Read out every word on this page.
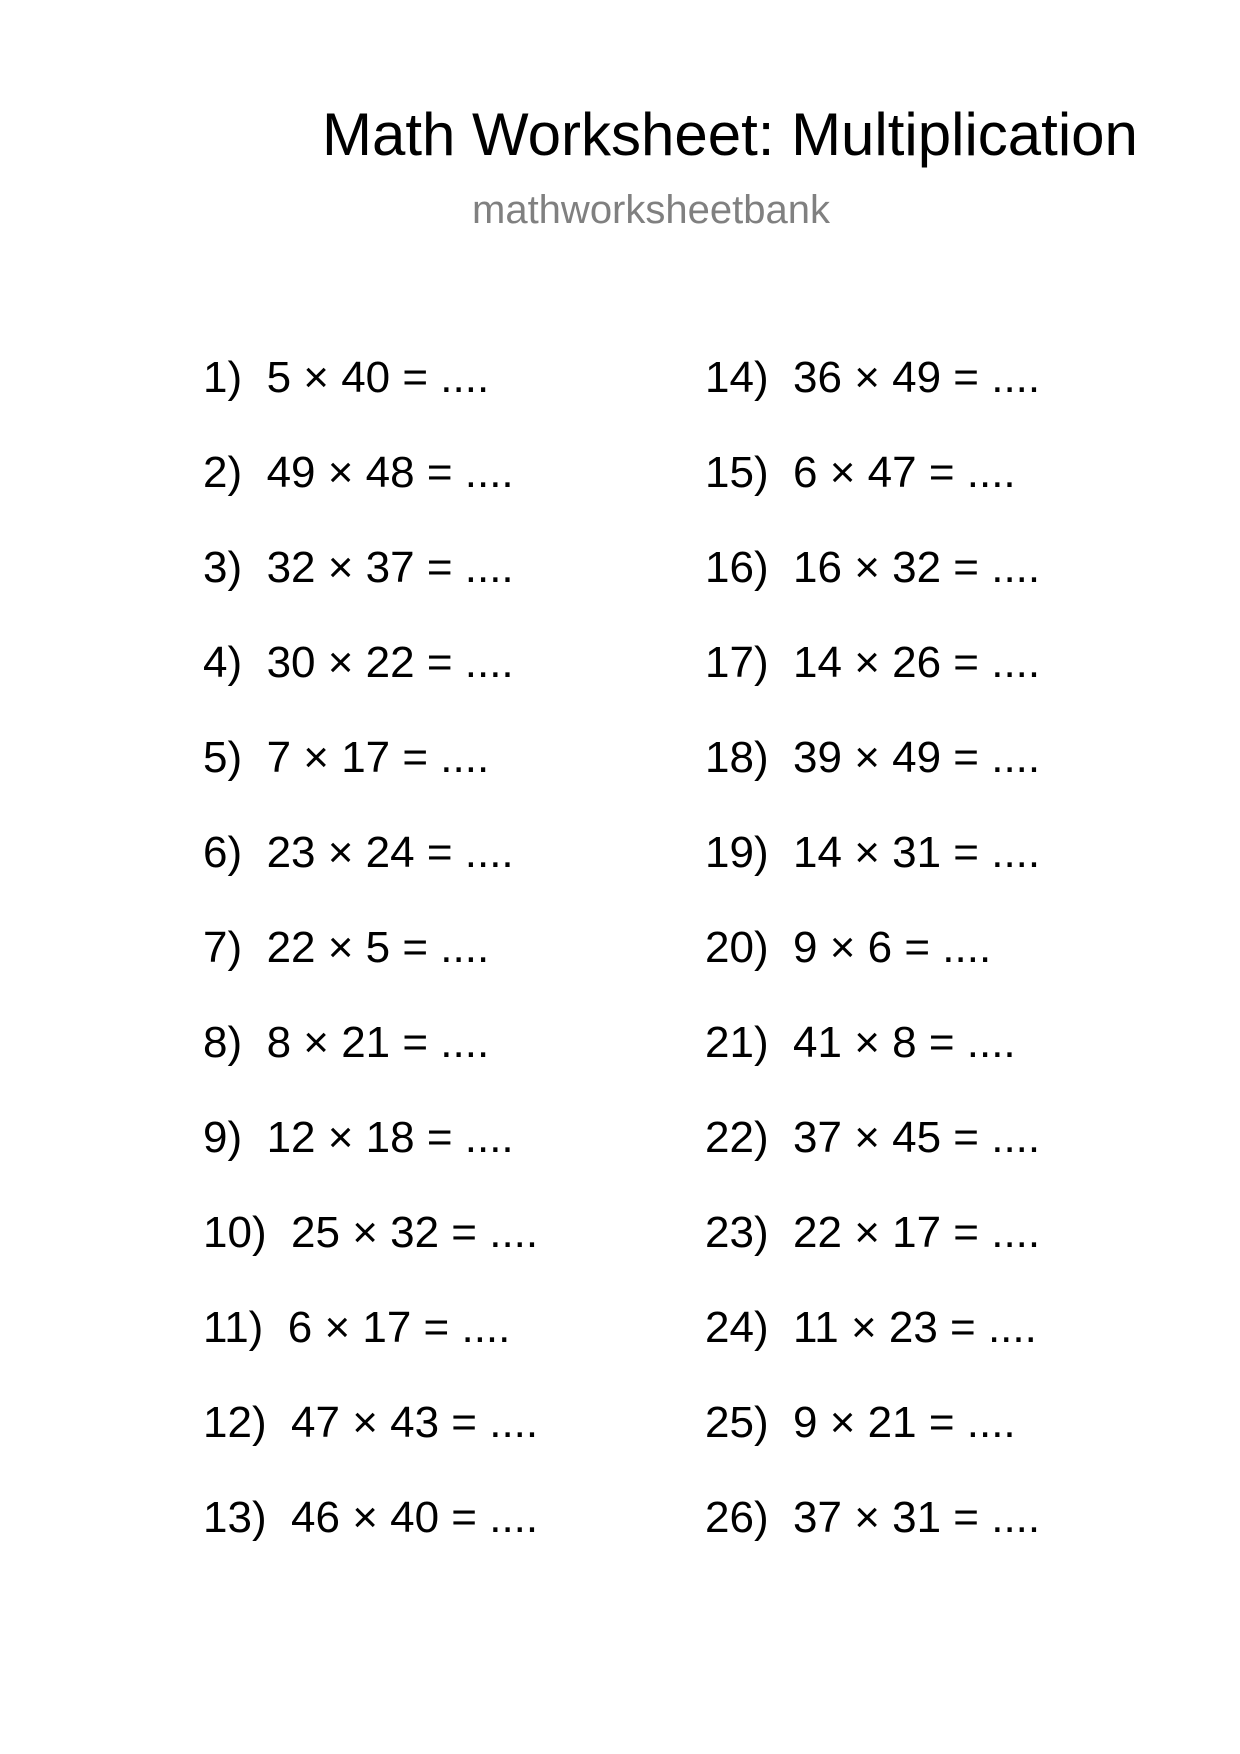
Math Worksheet: Multiplication
mathworksheetbank
1)  5 × 40 = ....
2)  49 × 48 = ....
3)  32 × 37 = ....
4)  30 × 22 = ....
5)  7 × 17 = ....
6)  23 × 24 = ....
7)  22 × 5 = ....
8)  8 × 21 = ....
9)  12 × 18 = ....
10)  25 × 32 = ....
11)  6 × 17 = ....
12)  47 × 43 = ....
13)  46 × 40 = ....
14)  36 × 49 = ....
15)  6 × 47 = ....
16)  16 × 32 = ....
17)  14 × 26 = ....
18)  39 × 49 = ....
19)  14 × 31 = ....
20)  9 × 6 = ....
21)  41 × 8 = ....
22)  37 × 45 = ....
23)  22 × 17 = ....
24)  11 × 23 = ....
25)  9 × 21 = ....
26)  37 × 31 = ....
